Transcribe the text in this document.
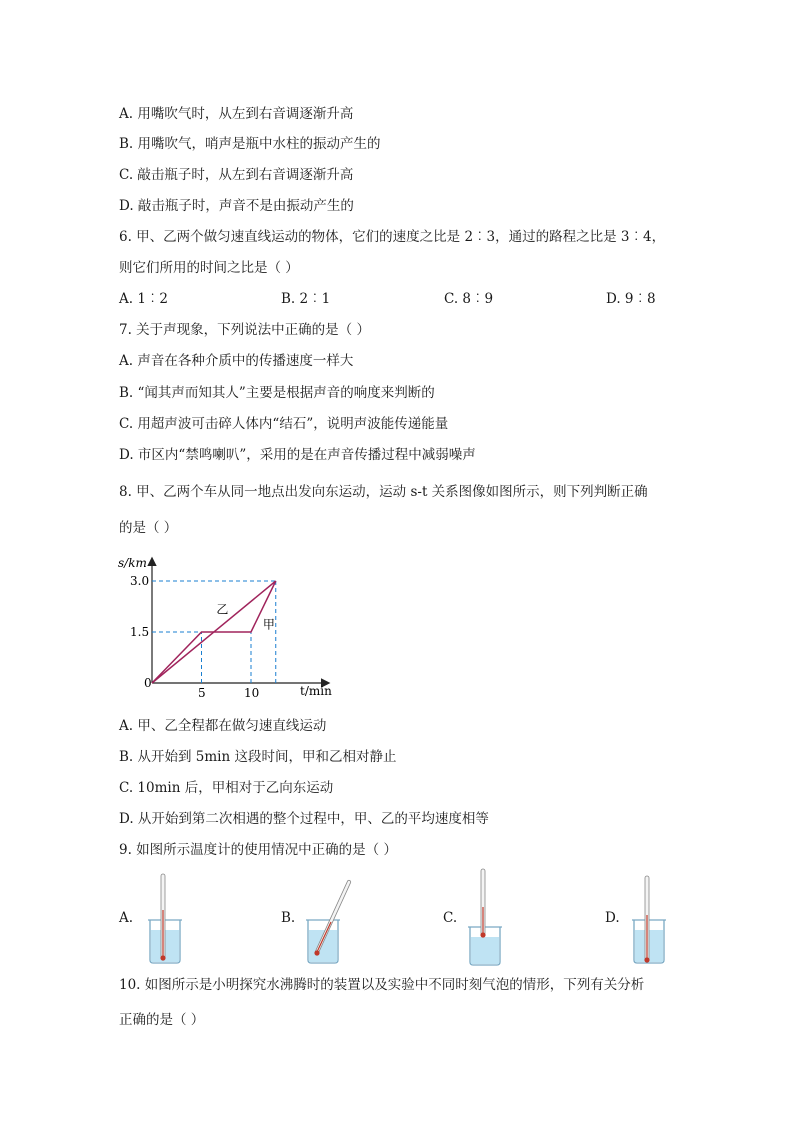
A. 用嘴吹气时，从左到右音调逐渐升高
B. 用嘴吹气，哨声是瓶中水柱的振动产生的
C. 敲击瓶子时，从左到右音调逐渐升高
D. 敲击瓶子时，声音不是由振动产生的
6. 甲、乙两个做匀速直线运动的物体，它们的速度之比是 2︰3，通过的路程之比是 3︰4，
则它们所用的时间之比是（ ）
A. 1︰2	B. 2︰1	C. 8︰9	D. 9︰8
7. 关于声现象，下列说法中正确的是（ ）
A. 声音在各种介质中的传播速度一样大
B. “闻其声而知其人”主要是根据声音的响度来判断的
C. 用超声波可击碎人体内“结石”，说明声波能传递能量
D. 市区内“禁鸣喇叭”，采用的是在声音传播过程中减弱噪声
8. 甲、乙两个车从同一地点出发向东运动，运动 s-t 关系图像如图所示，则下列判断正确
的是（ ）
s/km
t/min
0
5	10
1.5
3.0
乙
甲
A. 甲、乙全程都在做匀速直线运动
B. 从开始到 5min 这段时间，甲和乙相对静止
C. 10min 后，甲相对于乙向东运动
D. 从开始到第二次相遇的整个过程中，甲、乙的平均速度相等
9. 如图所示温度计的使用情况中正确的是（ ）
A.	B.	C.	D.
10. 如图所示是小明探究水沸腾时的装置以及实验中不同时刻气泡的情形，下列有关分析
正确的是（ ）
